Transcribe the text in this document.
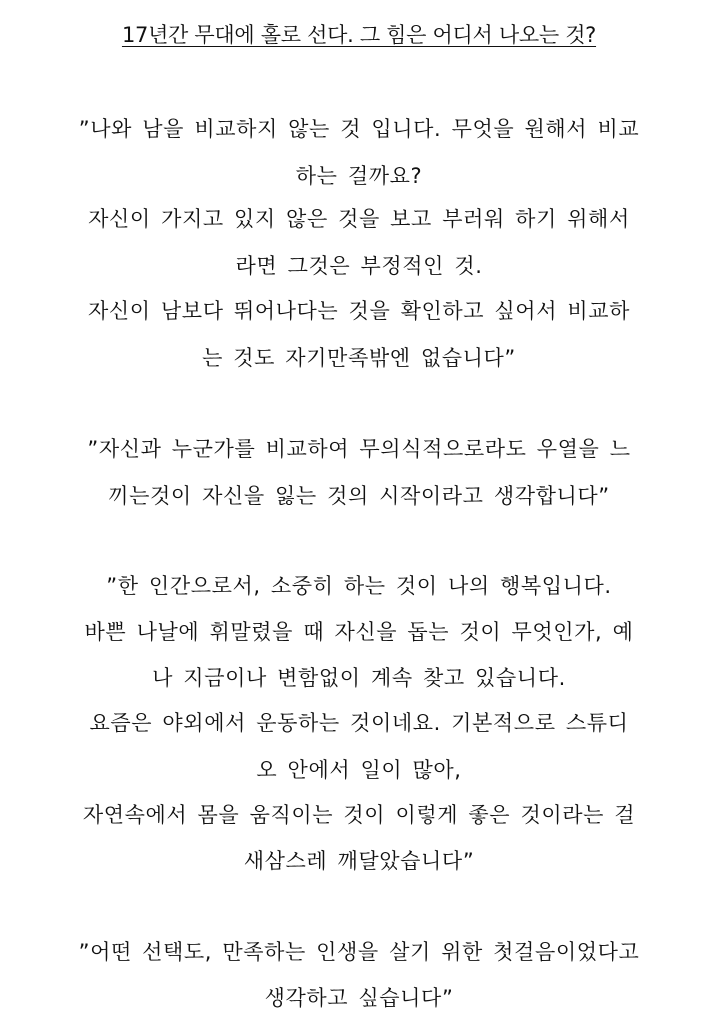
17년간 무대에 홀로 선다. 그 힘은 어디서 나오는 것?
”나와 남을 비교하지 않는 것 입니다. 무엇을 원해서 비교
하는 걸까요?
자신이 가지고 있지 않은 것을 보고 부러워 하기 위해서
라면 그것은 부정적인 것.
자신이 남보다 뛰어나다는 것을 확인하고 싶어서 비교하
는 것도 자기만족밖엔 없습니다”
”자신과 누군가를 비교하여 무의식적으로라도 우열을 느
끼는것이 자신을 잃는 것의 시작이라고 생각합니다”
”한 인간으로서, 소중히 하는 것이 나의 행복입니다.
바쁜 나날에 휘말렸을 때 자신을 돕는 것이 무엇인가, 예
나 지금이나 변함없이 계속 찾고 있습니다.
요즘은 야외에서 운동하는 것이네요. 기본적으로 스튜디
오 안에서 일이 많아,
자연속에서 몸을 움직이는 것이 이렇게 좋은 것이라는 걸
새삼스레 깨달았습니다”
”어떤 선택도, 만족하는 인생을 살기 위한 첫걸음이었다고
생각하고 싶습니다”
